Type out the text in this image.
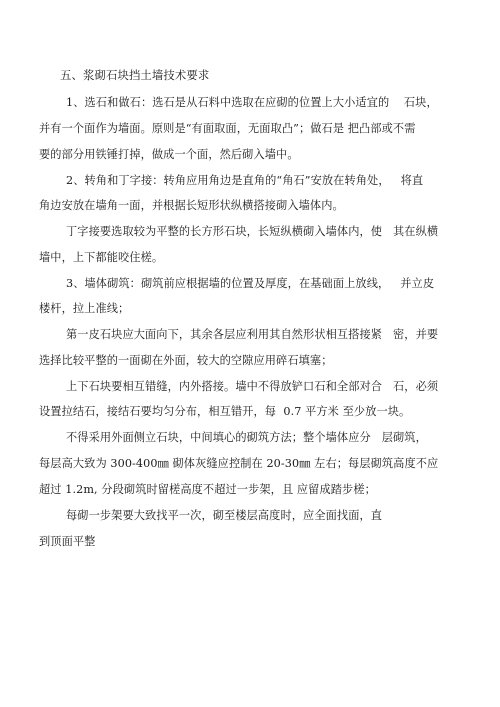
五、浆砌石块挡土墙技术要求
1、选石和做石：选石是从石料中选取在应砌的位置上大小适宜的    石块，
并有一个面作为墙面。原则是“有面取面，无面取凸”；做石是 把凸部或不需
要的部分用铁锤打掉，做成一个面，然后砌入墙中。
2、转角和丁字接：转角应用角边是直角的“角石”安放在转角处，   将直
角边安放在墙角一面，并根据长短形状纵横搭接砌入墙体内。
丁字接要选取较为平整的长方形石块，长短纵横砌入墙体内，使   其在纵横
墙中，上下都能咬住槎。
3、墙体砌筑：砌筑前应根据墙的位置及厚度，在基础面上放线，   并立皮
楼杆，拉上准线；
第一皮石块应大面向下，其余各层应利用其自然形状相互搭接紧   密，并要
选择比较平整的一面砌在外面，较大的空隙应用碎石填塞；
上下石块要相互错缝，内外搭接。墙中不得放铲口石和全部对合   石，必须
设置拉结石，接结石要均匀分布，相互错开，每  0.7 平方米 至少放一块。
不得采用外面侧立石块，中间填心的砌筑方法；整个墙体应分   层砌筑，
每层高大致为 300-400㎜ 砌体灰缝应控制在 20-30㎜ 左右；每层砌筑高度不应
超过 1.2m, 分段砌筑时留槎高度不超过一步架，且 应留成踏步槎；
每砌一步架要大致找平一次，砌至楼层高度时，应全面找面，直
到顶面平整
